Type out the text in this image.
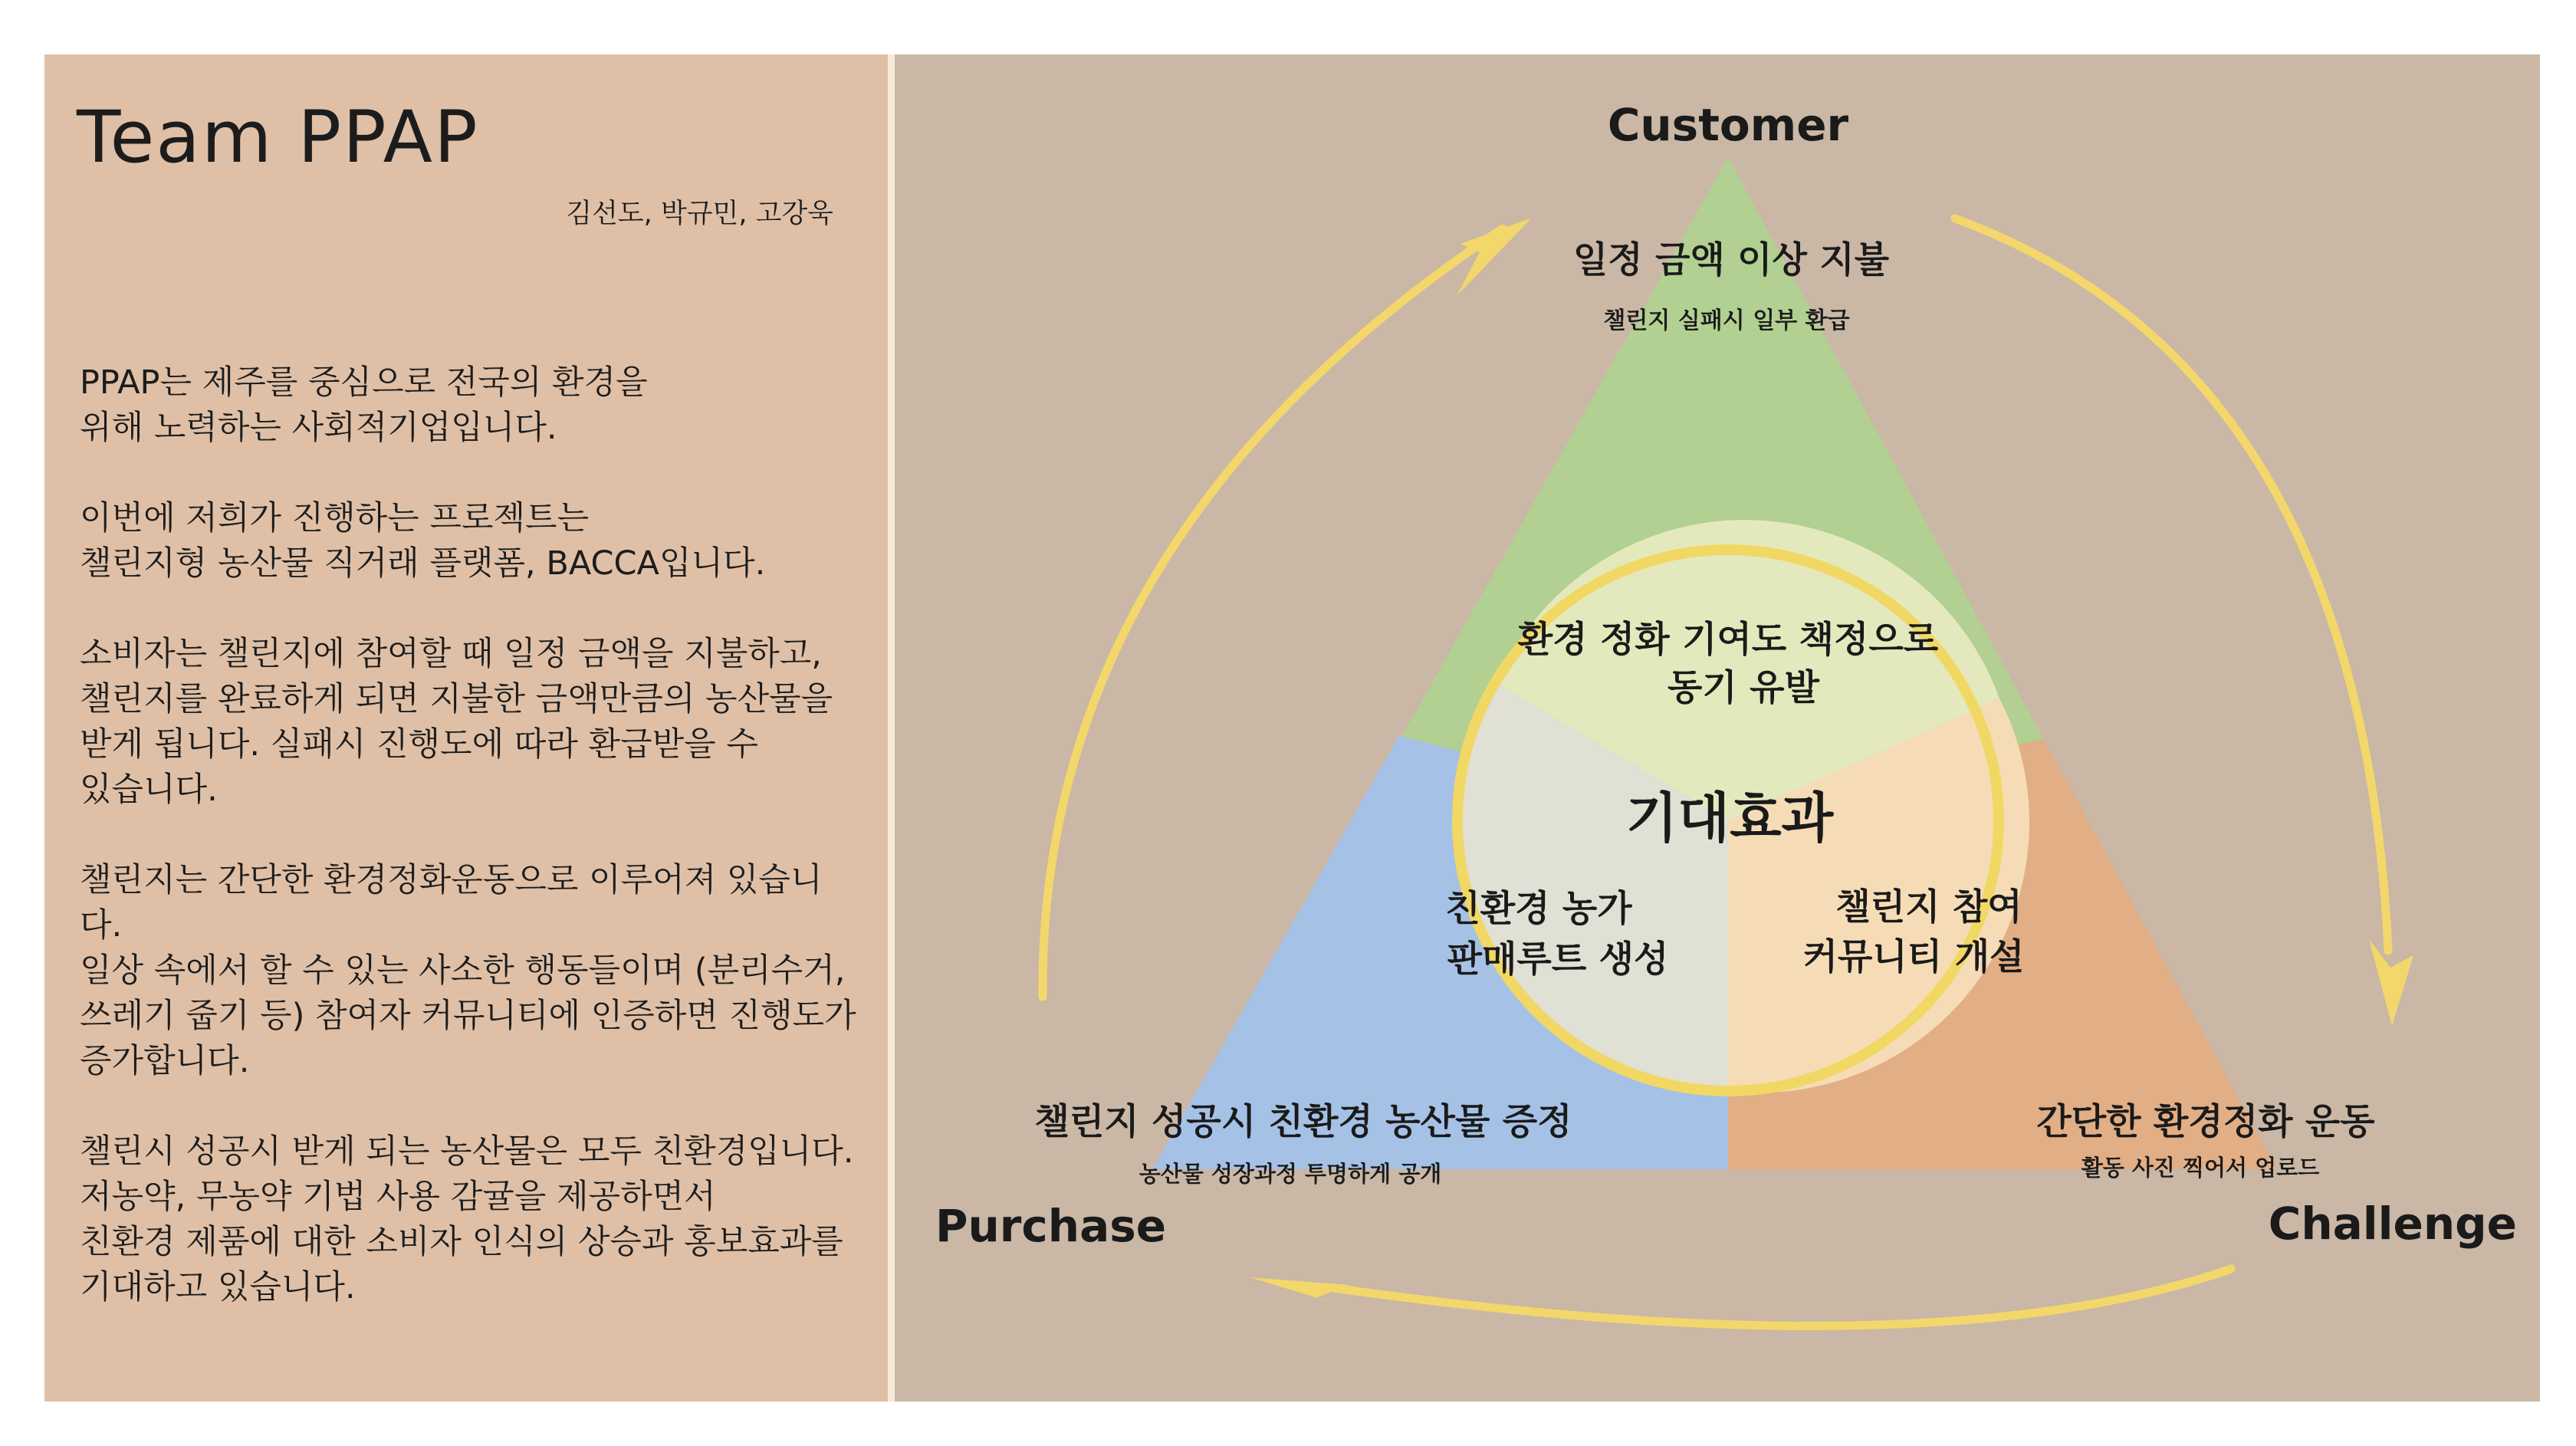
Team PPAP
김선도, 박규민, 고강욱

PPAP는 제주를 중심으로 전국의 환경을
위해 노력하는 사회적기업입니다.

이번에 저희가 진행하는 프로젝트는
챌린지형 농산물 직거래 플랫폼, BACCA입니다.

소비자는 챌린지에 참여할 때 일정 금액을 지불하고,
챌린지를 완료하게 되면 지불한 금액만큼의 농산물을
받게 됩니다. 실패시 진행도에 따라 환급받을 수
있습니다.

챌린지는 간단한 환경정화운동으로 이루어져 있습니다.
일상 속에서 할 수 있는 사소한 행동들이며 (분리수거,
쓰레기 줍기 등) 참여자 커뮤니티에 인증하면 진행도가
증가합니다.

챌린시 성공시 받게 되는 농산물은 모두 친환경입니다.
저농약, 무농약 기법 사용 감귤을 제공하면서
친환경 제품에 대한 소비자 인식의 상승과 홍보효과를
기대하고 있습니다.

Customer
Purchase	Challenge
일정 금액 이상 지불
챌린지 실패시 일부 환급
챌린지 성공시 친환경 농산물 증정
농산물 성장과정 투명하게 공개
간단한 환경정화 운동
활동 사진 찍어서 업로드
기대효과
환경 정화 기여도 책정으로
동기 유발
친환경 농가
판매루트 생성
챌린지 참여
커뮤니티 개설
